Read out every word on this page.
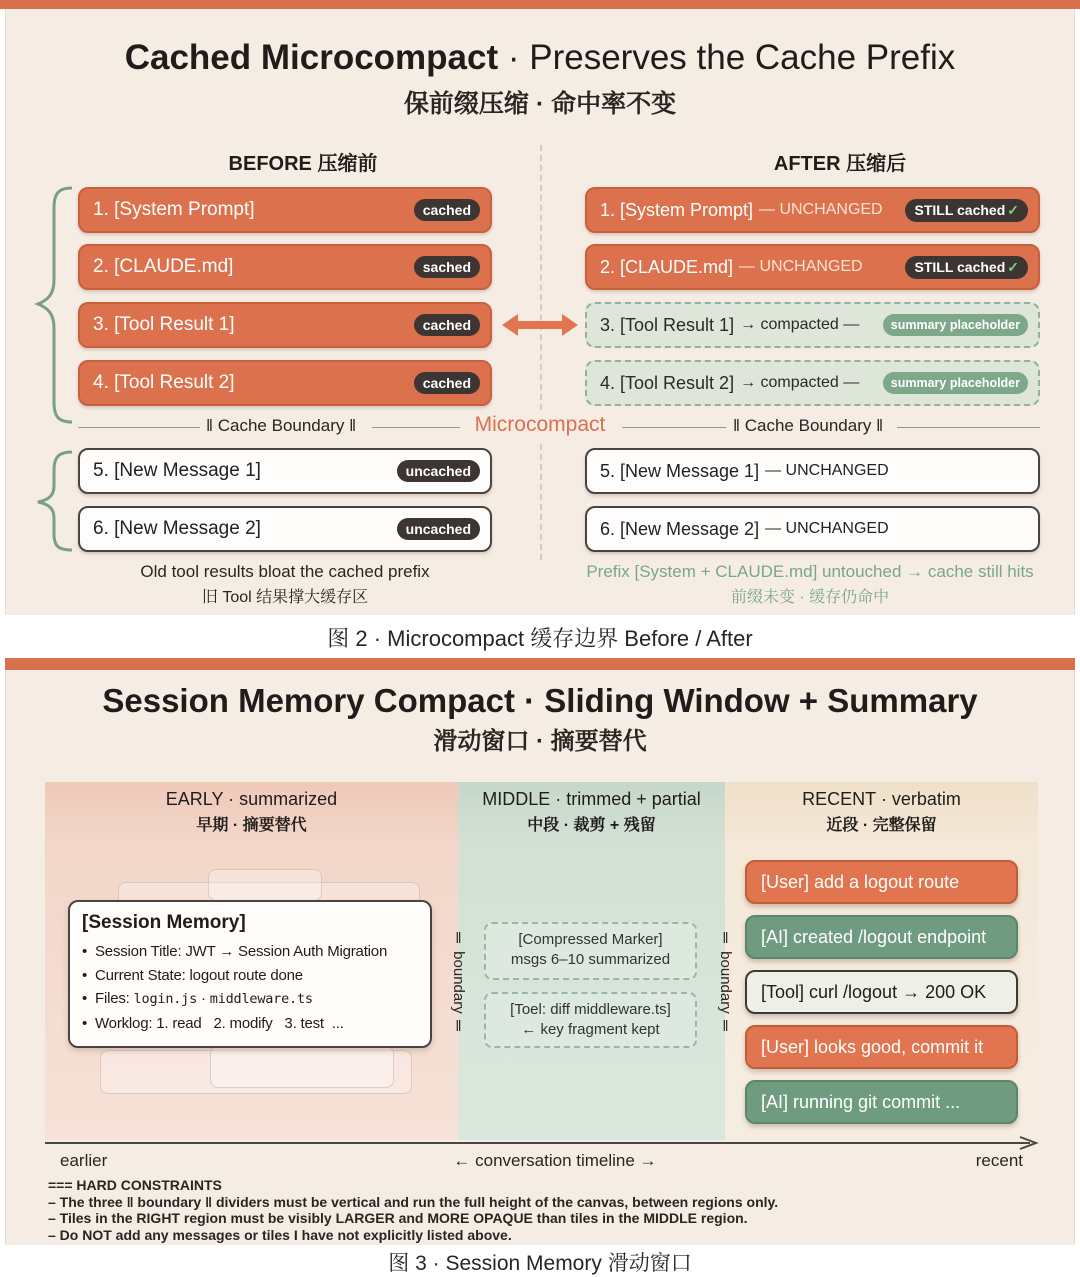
Cached Microcompact · Preserves the Cache Prefix
保前缀压缩 · 命中率不变
BEFORE 压缩前	AFTER 压缩后
1. [System Prompt]	cached
2. [CLAUDE.md]	sached
3. [Tool Result 1]	cached
4. [Tool Result 2]	cached
5. [New Message 1]	uncached
6. [New Message 2]	uncached
1. [System Prompt] — UNCHANGED	STILL cached ✓
2. [CLAUDE.md] — UNCHANGED	STILL cached ✓
3. [Tool Result 1] → compacted —	summary placeholder
4. [Tool Result 2] → compacted —	summary placeholder
5. [New Message 1] — UNCHANGED
6. [New Message 2] — UNCHANGED
‖ Cache Boundary ‖	Microcompact	‖ Cache Boundary ‖
Old tool results bloat the cached prefix
旧 Tool 结果撑大缓存区
Prefix [System + CLAUDE.md] untouched → cache still hits
前缀未变 · 缓存仍命中
图 2 · Microcompact 缓存边界 Before / After
Session Memory Compact · Sliding Window + Summary
滑动窗口 · 摘要替代
EARLY · summarized
早期 · 摘要替代
MIDDLE · trimmed + partial
中段 · 裁剪 + 残留
RECENT · verbatim
近段 · 完整保留
[Session Memory]
• Session Title: JWT → Session Auth Migration
• Current State: logout route done
• Files: login.js · middleware.ts
• Worklog: 1. read   2. modify   3. test  ...	‖ boundary ‖	‖ boundary ‖
[Compressed Marker]
msgs 6–10 summarized
[Toel: diff middleware.ts]
← key fragment kept
[User] add a logout route
[AI] created /logout endpoint
[Tool] curl /logout → 200 OK
[User] looks good, commit it
[AI] running git commit ...
earlier	← conversation timeline →	recent
=== HARD CONSTRAINTS
– The three ‖ boundary ‖ dividers must be vertical and run the full height of the canvas, between regions only.
– Tiles in the RIGHT region must be visibly LARGER and MORE OPAQUE than tiles in the MIDDLE region.
– Do NOT add any messages or tiles I have not explicitly listed above.
图 3 · Session Memory 滑动窗口
